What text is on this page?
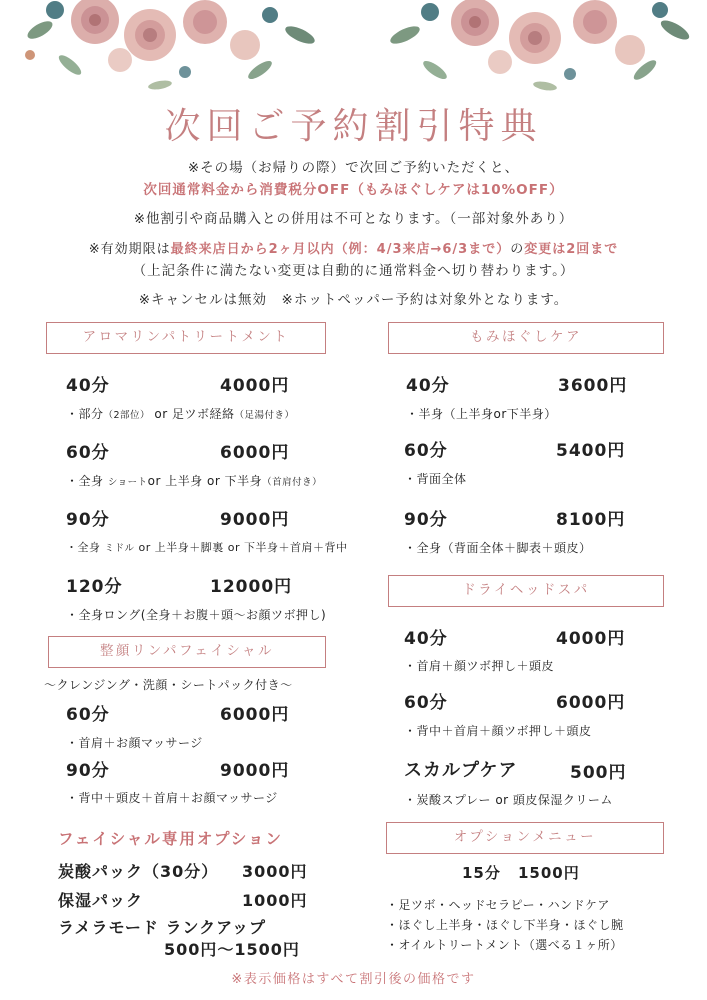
次回ご予約割引特典
※その場（お帰りの際）で次回ご予約いただくと、
次回通常料金から消費税分OFF（もみほぐしケアは10%OFF）
※他割引や商品購入との併用は不可となります。（一部対象外あり）
※有効期限は最終来店日から2ヶ月以内（例：4/3来店→6/3まで）の変更は2回まで
（上記条件に満たない変更は自動的に通常料金へ切り替わります。）
※キャンセルは無効　※ホットペッパー予約は対象外となります。
アロマリンパトリートメント
40分	4000円
・部分（2部位） or 足ツボ経絡（足湯付き）
60分	6000円
・全身 ショートor 上半身 or 下半身（首肩付き）
90分	9000円
・全身 ミドル or 上半身＋脚裏 or 下半身＋首肩＋背中
120分	12000円
・全身ロング(全身＋お腹＋頭〜お顔ツボ押し)
整顔リンパフェイシャル
〜クレンジング・洗顔・シートパック付き〜
60分	6000円
・首肩＋お顔マッサージ
90分	9000円
・背中＋頭皮＋首肩＋お顔マッサージ
フェイシャル専用オプション
炭酸パック（30分） 3000円
保湿パック	1000円
ラメラモード ランクアップ
500円〜1500円
もみほぐしケア
40分	3600円
・半身（上半身or下半身）
60分	5400円
・背面全体
90分	8100円
・全身（背面全体＋脚表＋頭皮）
ドライヘッドスパ
40分	4000円
・首肩＋顔ツボ押し＋頭皮
60分	6000円
・背中＋首肩＋顔ツボ押し＋頭皮
スカルプケア	500円
・炭酸スプレー or 頭皮保湿クリーム
オプションメニュー
15分 1500円
・足ツボ・ヘッドセラピー・ハンドケア
・ほぐし上半身・ほぐし下半身・ほぐし腕
・オイルトリートメント（選べる１ヶ所）
※表示価格はすべて割引後の価格です
